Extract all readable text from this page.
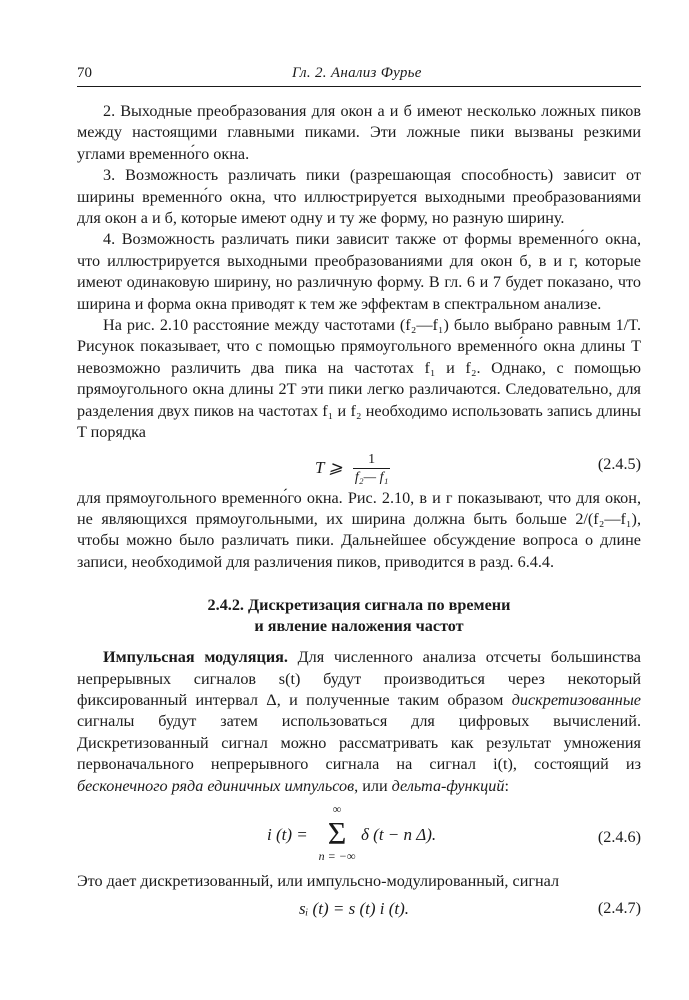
70	Гл. 2. Анализ Фурье

2. Выходные преобразования для окон а и б имеют несколько ложных пиков между настоящими главными пиками. Эти ложные пики вызваны резкими углами временно́го окна.

3. Возможность различать пики (разрешающая способность) зависит от ширины временно́го окна, что иллюстрируется выходными преобразованиями для окон а и б, которые имеют одну и ту же форму, но разную ширину.

4. Возможность различать пики зависит также от формы временно́го окна, что иллюстрируется выходными преобразованиями для окон б, в и г, которые имеют одинаковую ширину, но различную форму. В гл. 6 и 7 будет показано, что ширина и форма окна приводят к тем же эффектам в спектральном анализе.

На рис. 2.10 расстояние между частотами (f₂—f₁) было выбрано равным 1/T. Рисунок показывает, что с помощью прямоугольного временно́го окна длины T невозможно различить два пика на частотах f₁ и f₂. Однако, с помощью прямоугольного окна длины 2T эти пики легко различаются. Следовательно, для разделения двух пиков на частотах f₁ и f₂ необходимо использовать запись длины T порядка

T ⩾ $\frac{1}{\text{f₂— f₁}}$	(2.4.5)

для прямоугольного временно́го окна. Рис. 2.10, в и г показывают, что для окон, не являющихся прямоугольными, их ширина должна быть больше 2/(f₂—f₁), чтобы можно было различать пики. Дальнейшее обсуждение вопроса о длине записи, необходимой для различения пиков, приводится в разд. 6.4.4.

2.4.2. Дискретизация сигнала по времени
и явление наложения частот

Импульсная модуляция. Для численного анализа отсчеты большинства непрерывных сигналов s(t) будут производиться через некоторый фиксированный интервал Δ, и полученные таким образом дискретизованные сигналы будут затем использоваться для цифровых вычислений. Дискретизованный сигнал можно рассматривать как результат умножения первоначального непрерывного сигнала на сигнал i(t), состоящий из бесконечного ряда единичных импульсов, или дельта-функций:

i (t) =
∞
Σ
n = −∞
δ (t − n Δ).	(2.4.6)

Это дает дискретизованный, или импульсно-модулированный, сигнал

sᵢ (t) = s (t) i (t).	(2.4.7)
